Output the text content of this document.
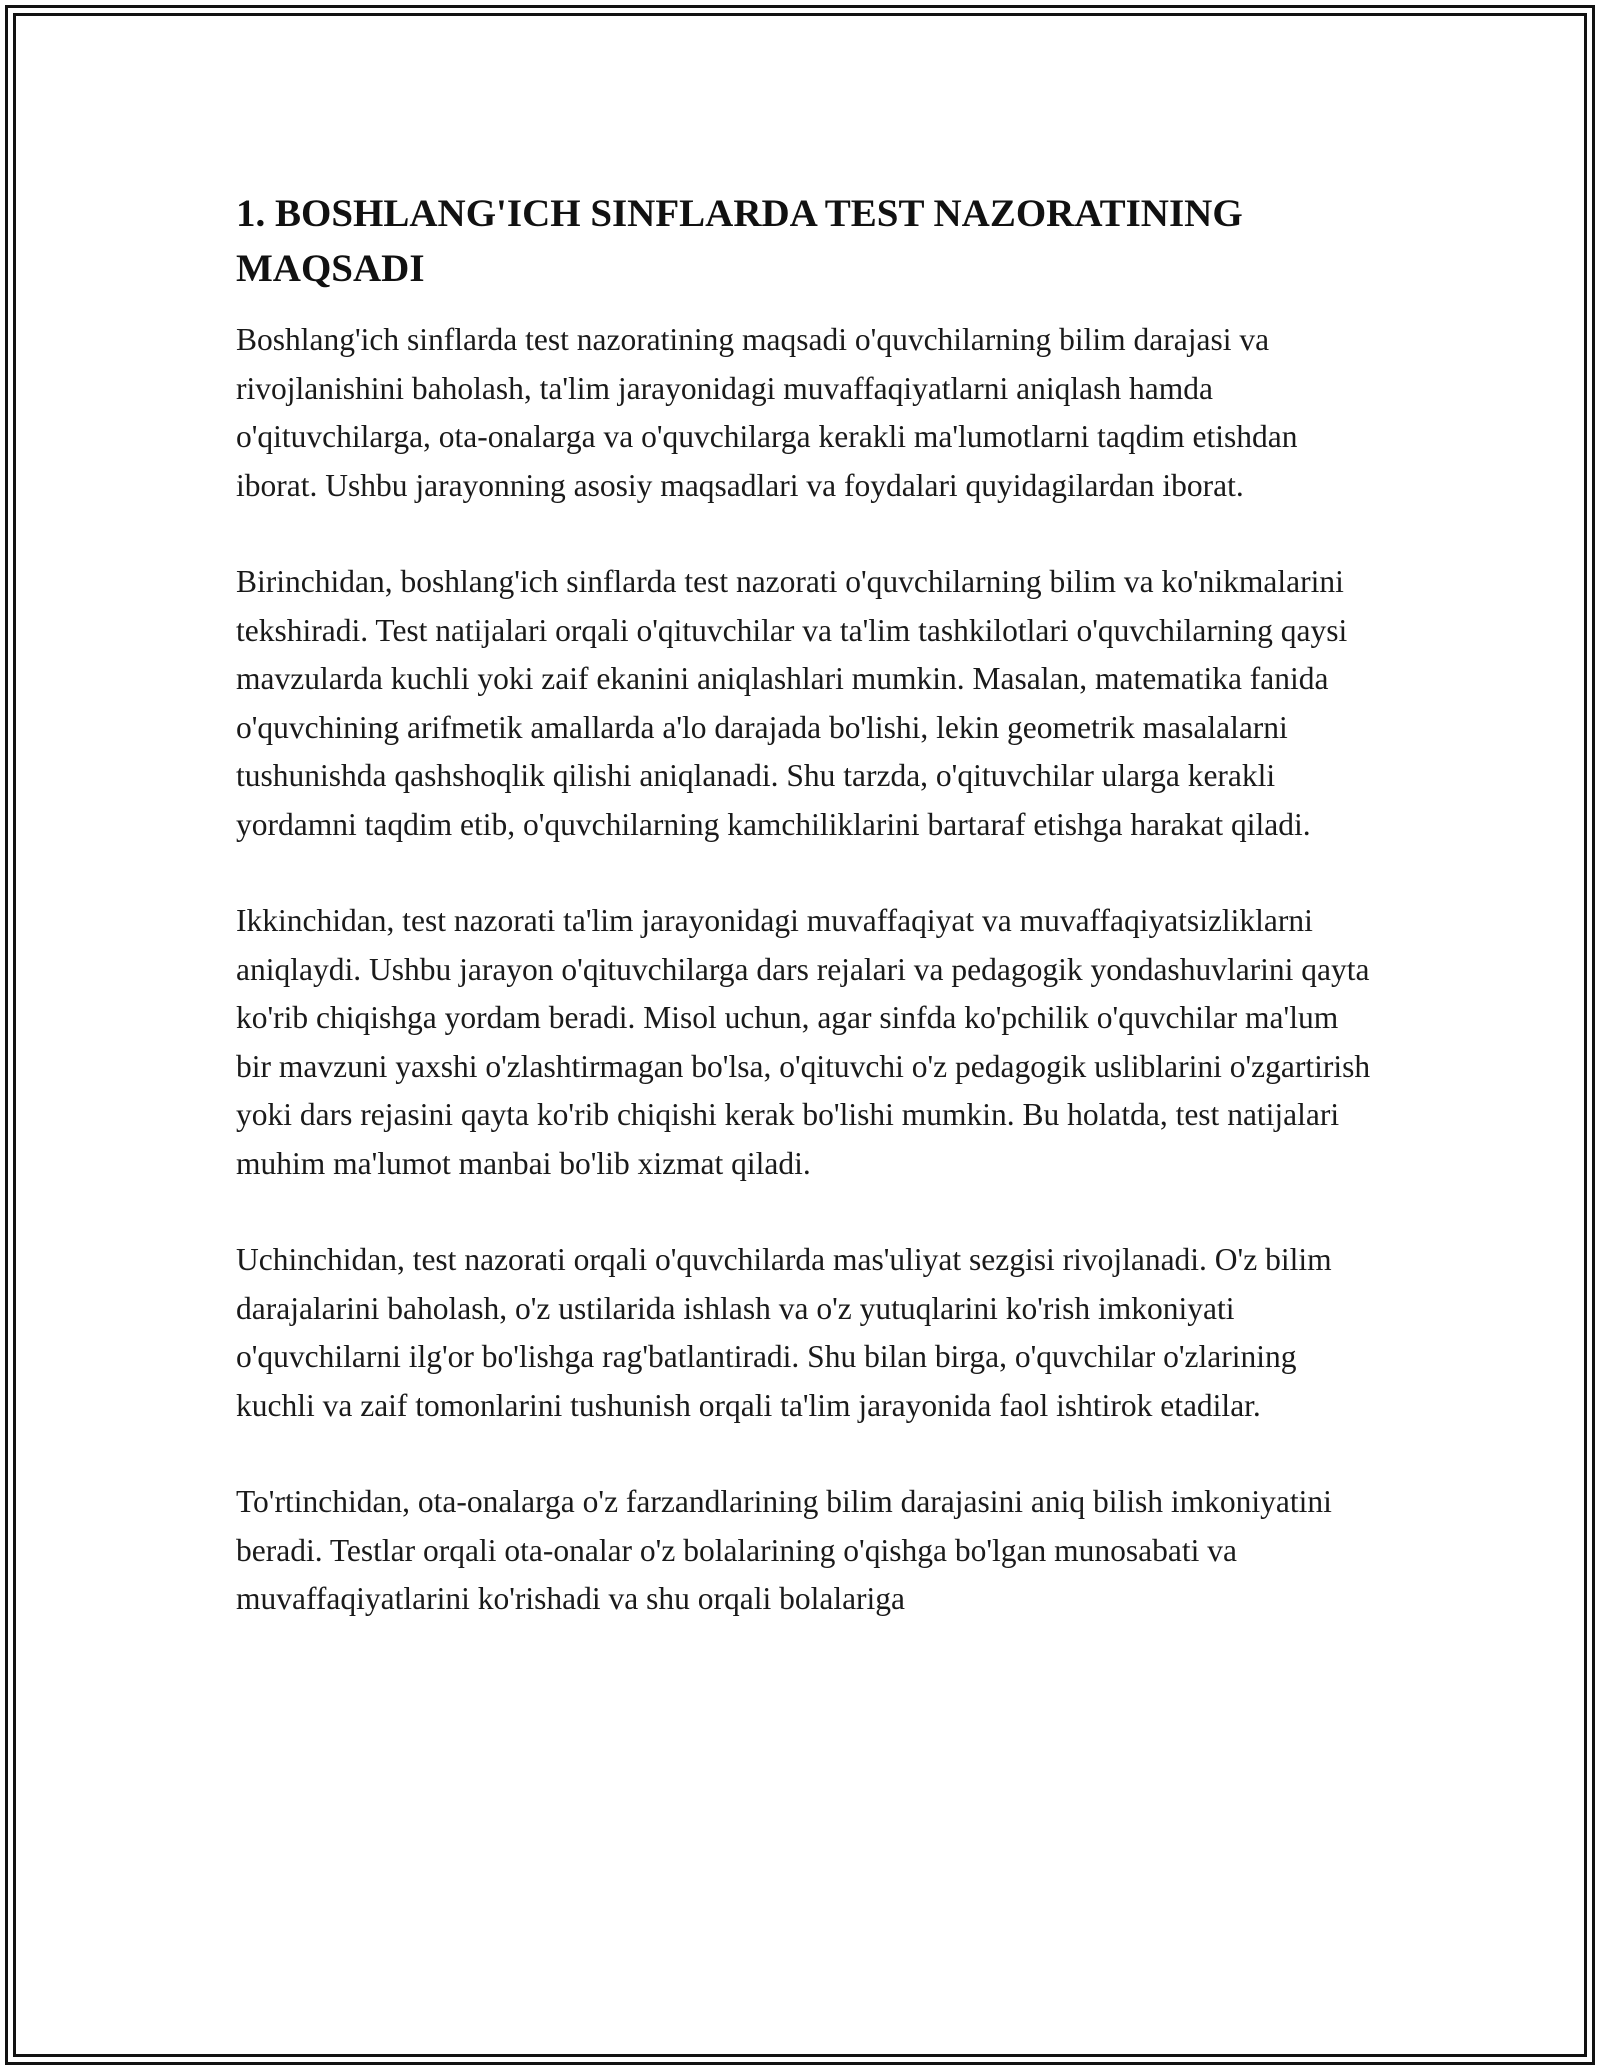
1. BOSHLANG'ICH SINFLARDA TEST NAZORATINING MAQSADI

Boshlang'ich sinflarda test nazoratining maqsadi o'quvchilarning bilim darajasi va rivojlanishini baholash, ta'lim jarayonidagi muvaffaqiyatlarni aniqlash hamda o'qituvchilarga, ota-onalarga va o'quvchilarga kerakli ma'lumotlarni taqdim etishdan iborat. Ushbu jarayonning asosiy maqsadlari va foydalari quyidagilardan iborat.

Birinchidan, boshlang'ich sinflarda test nazorati o'quvchilarning bilim va ko'nikmalarini tekshiradi. Test natijalari orqali o'qituvchilar va ta'lim tashkilotlari o'quvchilarning qaysi mavzularda kuchli yoki zaif ekanini aniqlashlari mumkin. Masalan, matematika fanida o'quvchining arifmetik amallarda a'lo darajada bo'lishi, lekin geometrik masalalarni tushunishda qashshoqlik qilishi aniqlanadi. Shu tarzda, o'qituvchilar ularga kerakli yordamni taqdim etib, o'quvchilarning kamchiliklarini bartaraf etishga harakat qiladi.

Ikkinchidan, test nazorati ta'lim jarayonidagi muvaffaqiyat va muvaffaqiyatsizliklarni aniqlaydi. Ushbu jarayon o'qituvchilarga dars rejalari va pedagogik yondashuvlarini qayta ko'rib chiqishga yordam beradi. Misol uchun, agar sinfda ko'pchilik o'quvchilar ma'lum bir mavzuni yaxshi o'zlashtirmagan bo'lsa, o'qituvchi o'z pedagogik usliblarini o'zgartirish yoki dars rejasini qayta ko'rib chiqishi kerak bo'lishi mumkin. Bu holatda, test natijalari muhim ma'lumot manbai bo'lib xizmat qiladi.

Uchinchidan, test nazorati orqali o'quvchilarda mas'uliyat sezgisi rivojlanadi. O'z bilim darajalarini baholash, o'z ustilarida ishlash va o'z yutuqlarini ko'rish imkoniyati o'quvchilarni ilg'or bo'lishga rag'batlantiradi. Shu bilan birga, o'quvchilar o'zlarining kuchli va zaif tomonlarini tushunish orqali ta'lim jarayonida faol ishtirok etadilar.

To'rtinchidan, ota-onalarga o'z farzandlarining bilim darajasini aniq bilish imkoniyatini beradi. Testlar orqali ota-onalar o'z bolalarining o'qishga bo'lgan munosabati va muvaffaqiyatlarini ko'rishadi va shu orqali bolalariga
